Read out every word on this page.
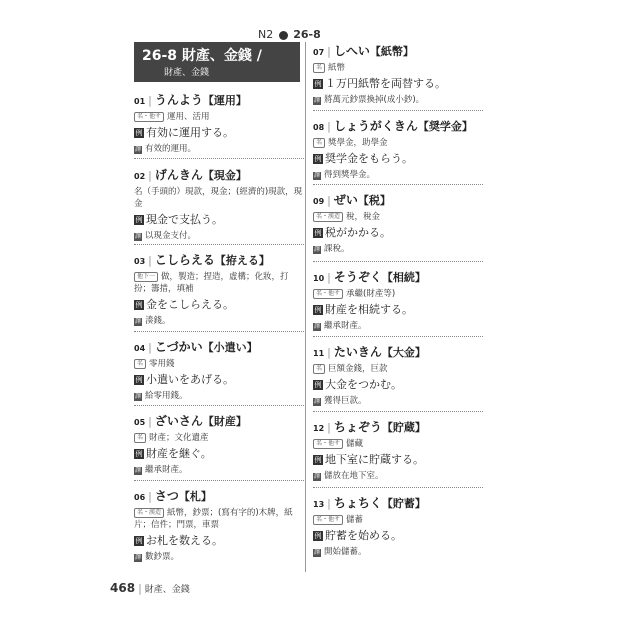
N2 26-8
26-8 財產、金錢 /
財產、金錢
01 | うんよう【運用】
名・他サ 運用、活用
例 有効に運用する。
譯 有效的運用。
02 | げんきん【現金】
名（手頭的）現款，現金；(經濟的)現款，現金
例 現金で支払う。
譯 以現金支付。
03 | こしらえる【拵える】
他下一 做，製造；捏造，虛構；化妝，打扮；籌措，填補
例 金をこしらえる。
譯 湊錢。
04 | こづかい【小遣い】
名 零用錢
例 小遣いをあげる。
譯 給零用錢。
05 | ざいさん【財産】
名 財產；文化遺產
例 財産を継ぐ。
譯 繼承財產。
06 | さつ【札】
名・漢造 紙幣，鈔票；(寫有字的)木牌，紙片；信件；門票，車票
例 お札を数える。
譯 數鈔票。
07 | しへい【紙幣】
名 紙幣
例 １万円紙幣を両替する。
譯 將萬元鈔票換掉(成小鈔)。
08 | しょうがくきん【奨学金】
名 獎學金，助學金
例 奨学金をもらう。
譯 得到獎學金。
09 | ぜい【税】
名・漢造 稅，稅金
例 税がかかる。
譯 課稅。
10 | そうぞく【相続】
名・他サ 承繼(財產等)
例 財産を相続する。
譯 繼承財產。
11 | たいきん【大金】
名 巨額金錢，巨款
例 大金をつかむ。
譯 獲得巨款。
12 | ちょぞう【貯蔵】
名・他サ 儲藏
例 地下室に貯蔵する。
譯 儲放在地下室。
13 | ちょちく【貯蓄】
名・他サ 儲蓄
例 貯蓄を始める。
譯 開始儲蓄。
468 | 財產、金錢
